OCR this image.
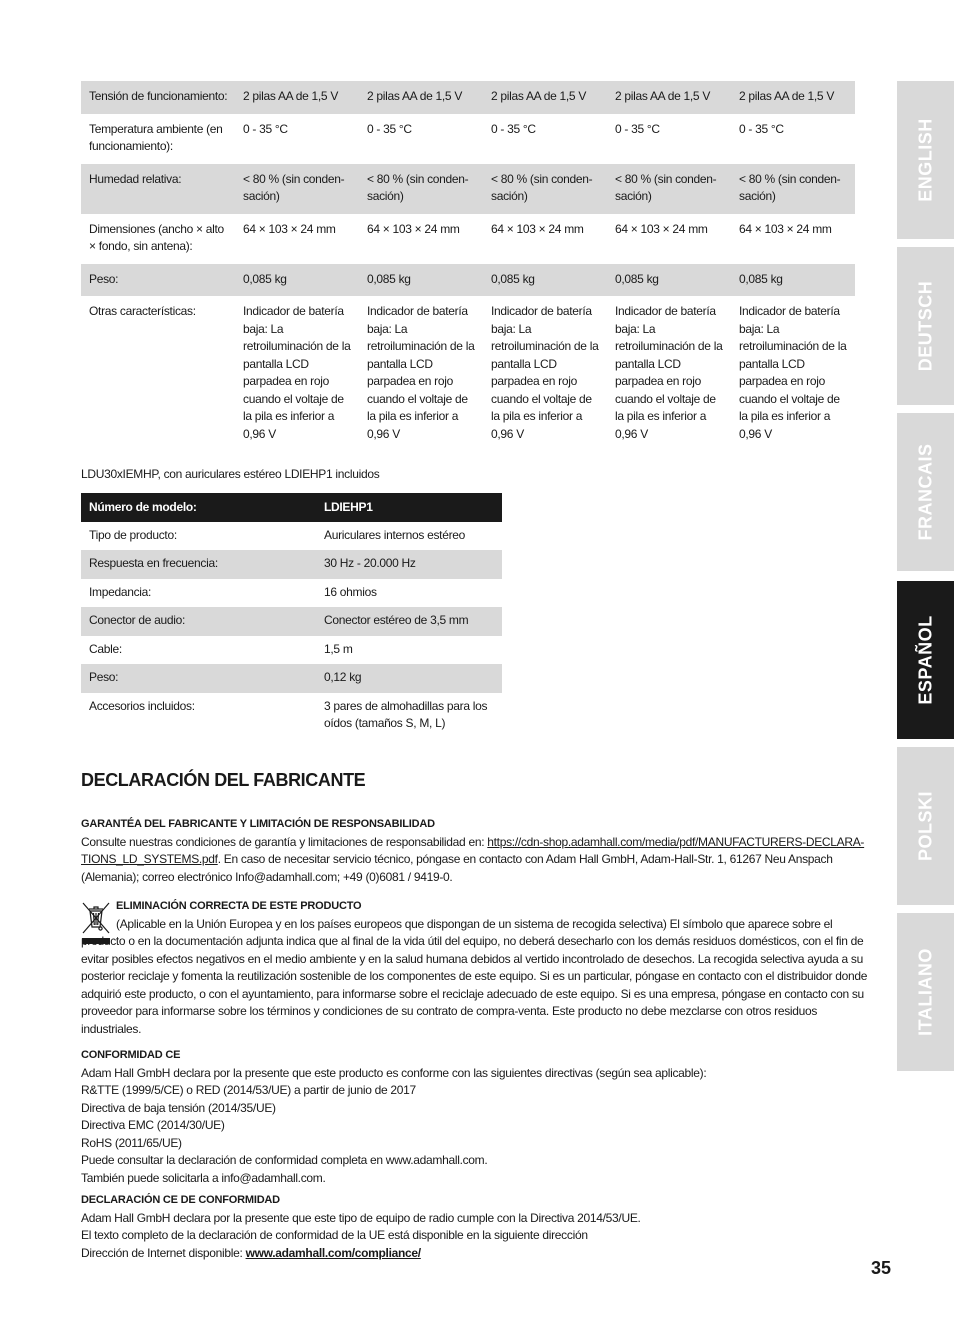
Tensión de funcionamiento:	2 pilas AA de 1,5 V	2 pilas AA de 1,5 V	2 pilas AA de 1,5 V	2 pilas AA de 1,5 V	2 pilas AA de 1,5 V
Temperatura ambiente (en funcionamiento):	0 - 35 °C	0 - 35 °C	0 - 35 °C	0 - 35 °C	0 - 35 °C
Humedad relativa:	< 80 % (sin conden-sación)	< 80 % (sin conden-sación)	< 80 % (sin conden-sación)	< 80 % (sin conden-sación)	< 80 % (sin conden-sación)
Dimensiones (ancho × alto × fondo, sin antena):	64 × 103 × 24 mm	64 × 103 × 24 mm	64 × 103 × 24 mm	64 × 103 × 24 mm	64 × 103 × 24 mm
Peso:	0,085 kg	0,085 kg	0,085 kg	0,085 kg	0,085 kg
Otras características:	Indicador de batería baja: La retroiluminación de la pantalla LCD parpadea en rojo cuando el voltaje de la pila es inferior a 0,96 V	Indicador de batería baja: La retroiluminación de la pantalla LCD parpadea en rojo cuando el voltaje de la pila es inferior a 0,96 V	Indicador de batería baja: La retroiluminación de la pantalla LCD parpadea en rojo cuando el voltaje de la pila es inferior a 0,96 V	Indicador de batería baja: La retroiluminación de la pantalla LCD parpadea en rojo cuando el voltaje de la pila es inferior a 0,96 V	Indicador de batería baja: La retroiluminación de la pantalla LCD parpadea en rojo cuando el voltaje de la pila es inferior a 0,96 V
LDU30xIEMHP, con auriculares estéreo LDIEHP1 incluidos
Número de modelo:	LDIEHP1
Tipo de producto:	Auriculares internos estéreo
Respuesta en frecuencia:	30 Hz - 20.000 Hz
Impedancia:	16 ohmios
Conector de audio:	Conector estéreo de 3,5 mm
Cable:	1,5 m
Peso:	0,12 kg
Accesorios incluidos:	3 pares de almohadillas para los oídos (tamaños S, M, L)
DECLARACIÓN DEL FABRICANTE
GARANTÉA DEL FABRICANTE Y LIMITACIÓN DE RESPONSABILIDAD

Consulte nuestras condiciones de garantía y limitaciones de responsabilidad en: https://cdn-shop.adamhall.com/media/pdf/MANUFACTURERS-DECLARA-TIONS_LD_SYSTEMS.pdf. En caso de necesitar servicio técnico, póngase en contacto con Adam Hall GmbH, Adam-Hall-Str. 1, 61267 Neu Anspach (Alemania); correo electrónico Info@adamhall.com; +49 (0)6081 / 9419-0.

ELIMINACIÓN CORRECTA DE ESTE PRODUCTO

(Aplicable en la Unión Europea y en los países europeos que dispongan de un sistema de recogida selectiva) El símbolo que aparece sobre el producto o en la documentación adjunta indica que al final de la vida útil del equipo, no deberá desecharlo con los demás residuos domésticos, con el fin de evitar posibles efectos negativos en el medio ambiente y en la salud humana debidos al vertido incontrolado de desechos. La recogida selectiva ayuda a su posterior reciclaje y fomenta la reutilización sostenible de los componentes de este equipo. Si es un particular, póngase en contacto con el distribuidor donde adquirió este producto, o con el ayuntamiento, para informarse sobre el reciclaje adecuado de este equipo. Si es una empresa, póngase en contacto con su proveedor para informarse sobre los términos y condiciones de su contrato de compra-venta. Este producto no debe mezclarse con otros residuos industriales.

CONFORMIDAD CE

Adam Hall GmbH declara por la presente que este producto es conforme con las siguientes directivas (según sea aplicable):

R&TTE (1999/5/CE) o RED (2014/53/UE) a partir de junio de 2017

Directiva de baja tensión (2014/35/UE)

Directiva EMC (2014/30/UE)

RoHS (2011/65/UE)

Puede consultar la declaración de conformidad completa en www.adamhall.com.

También puede solicitarla a info@adamhall.com.

DECLARACIÓN CE DE CONFORMIDAD

Adam Hall GmbH declara por la presente que este tipo de equipo de radio cumple con la Directiva 2014/53/UE.

El texto completo de la declaración de conformidad de la UE está disponible en la siguiente dirección

Dirección de Internet disponible: www.adamhall.com/compliance/

ENGLISH
DEUTSCH
FRANCAIS
ESPAÑOL
POLSKI
ITALIANO
35
